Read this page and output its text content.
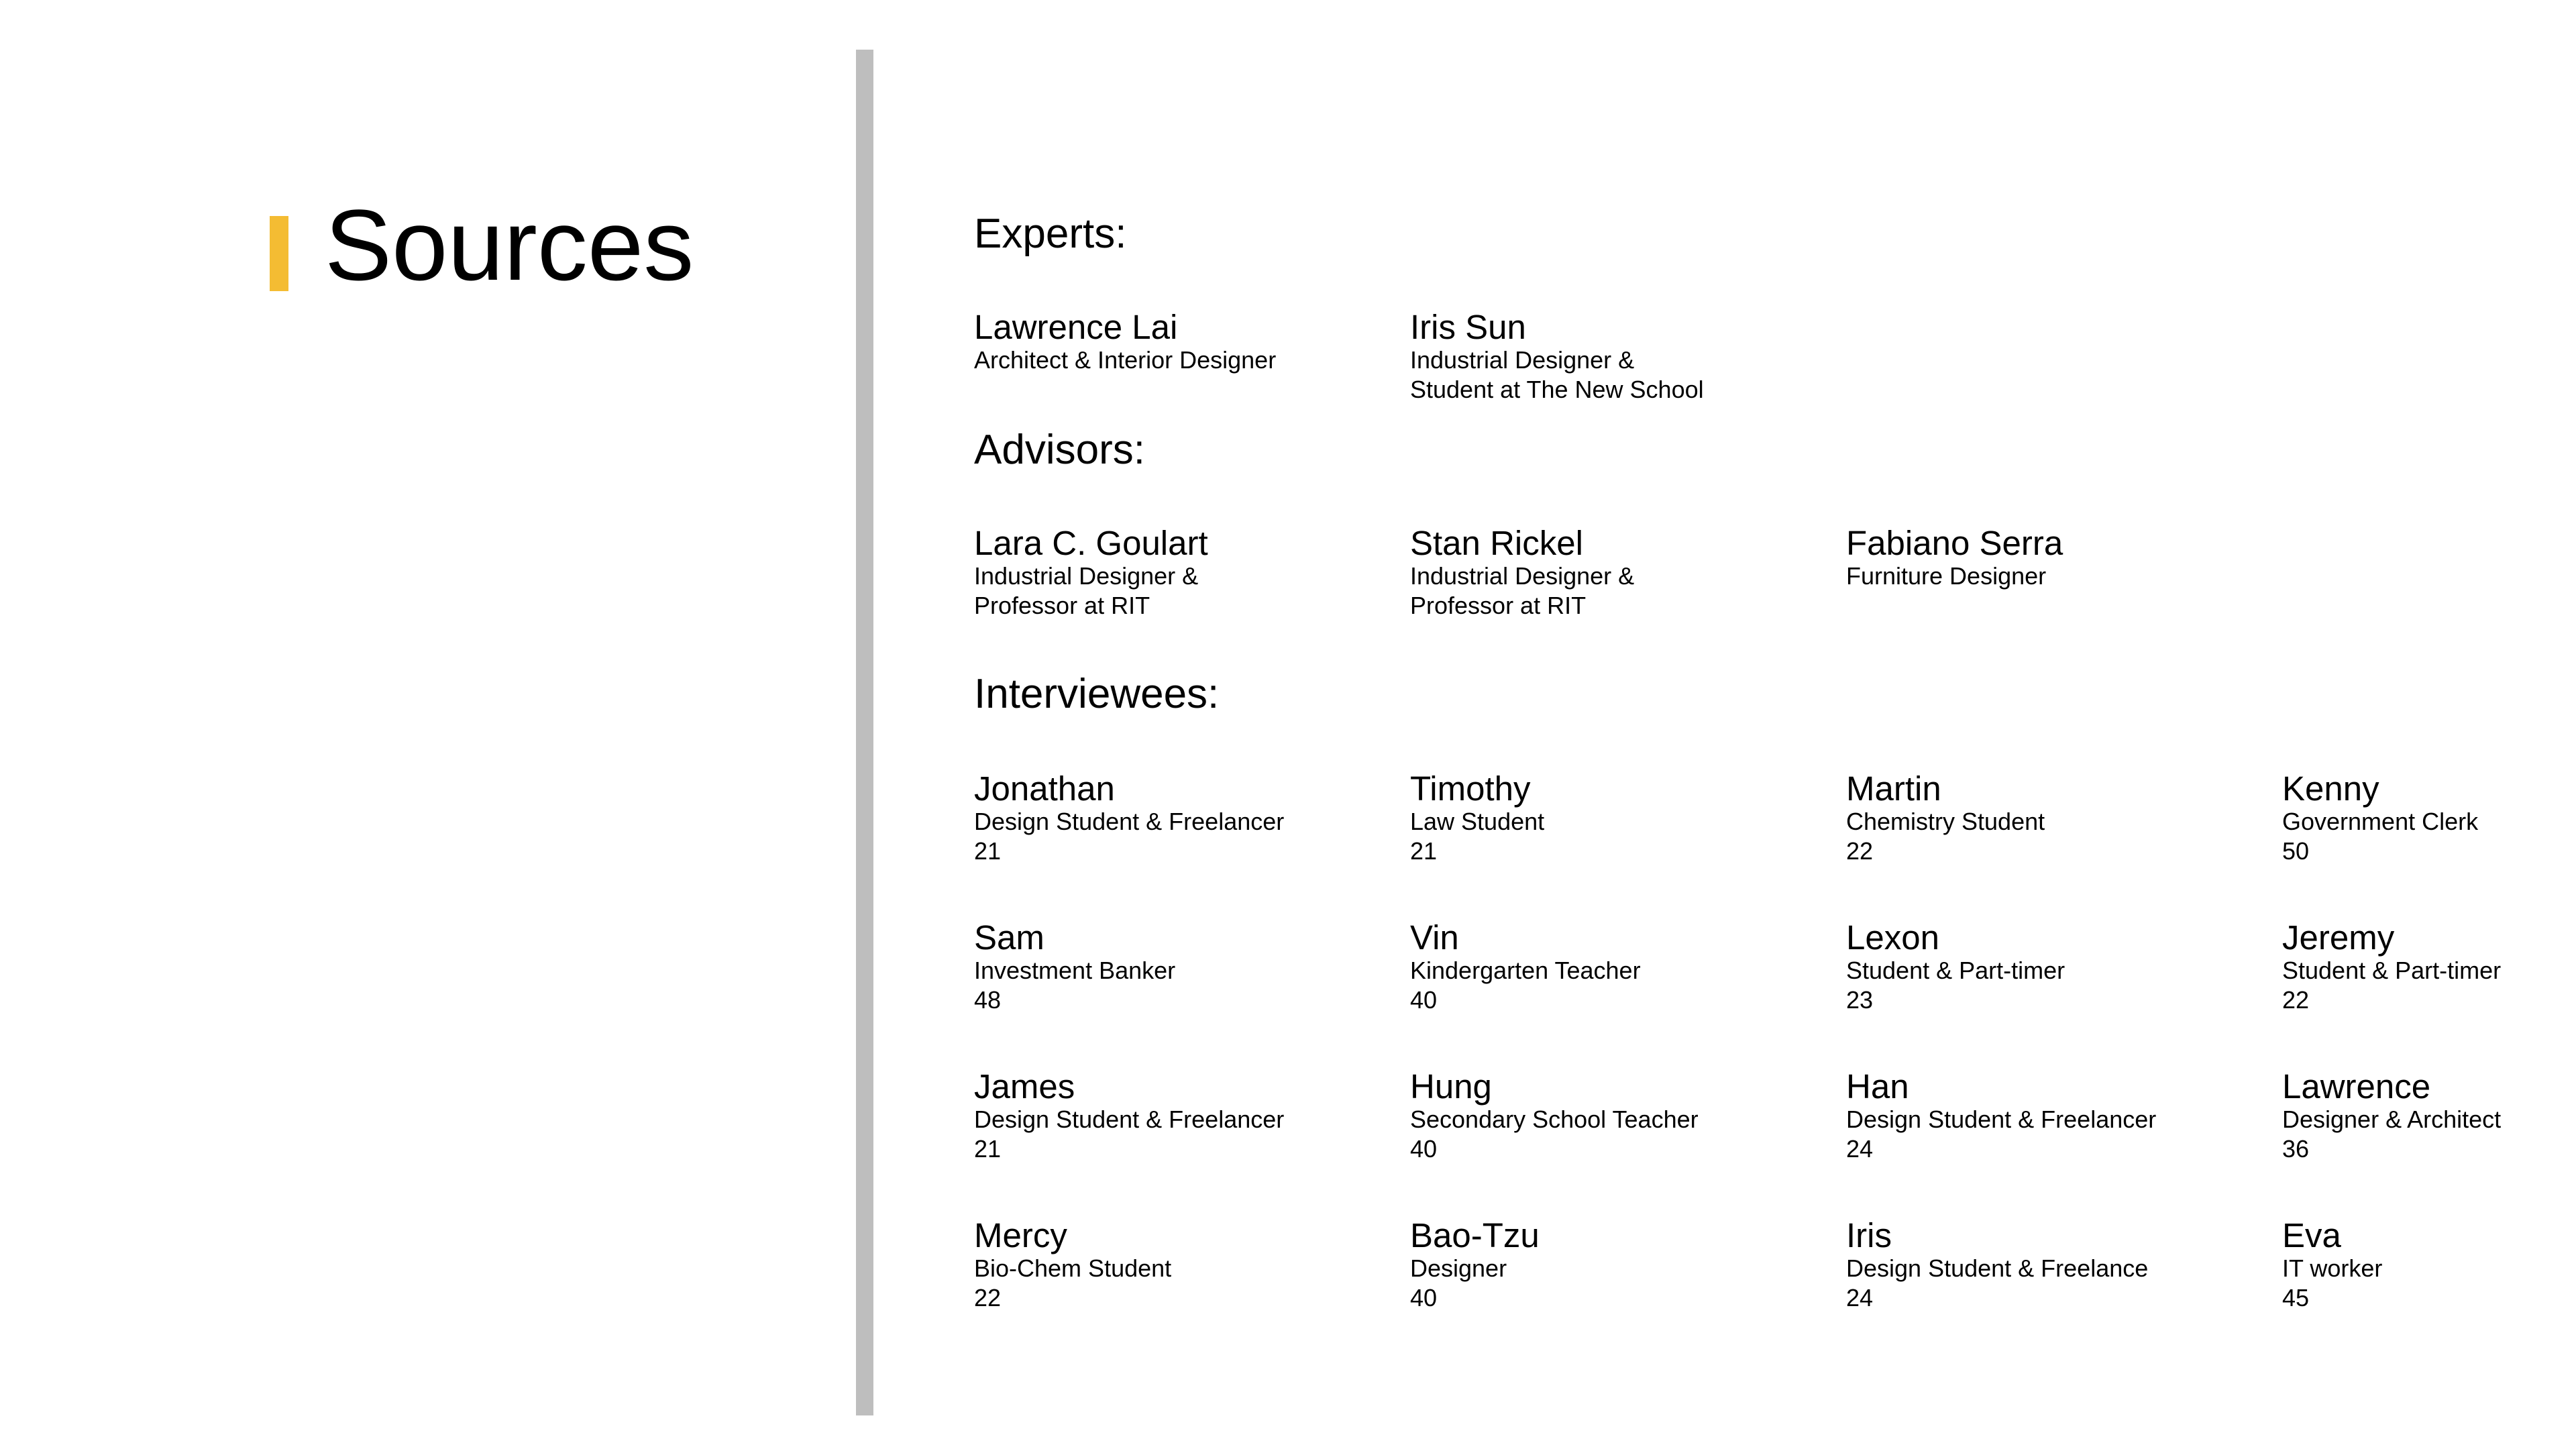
Sources	Experts:
Lawrence Lai
Architect & Interior Designer
Iris Sun
Industrial Designer &
Student at The New School
Advisors:
Lara C. Goulart
Industrial Designer &
Professor at RIT
Stan Rickel
Industrial Designer &
Professor at RIT
Fabiano Serra
Furniture Designer
Interviewees:
Jonathan
Design Student & Freelancer
21
Timothy
Law Student
21
Martin
Chemistry Student
22
Kenny
Government Clerk
50
Sam
Investment Banker
48
Vin
Kindergarten Teacher
40
Lexon
Student & Part-timer
23
Jeremy
Student & Part-timer
22
James
Design Student & Freelancer
21
Hung
Secondary School Teacher
40
Han
Design Student & Freelancer
24
Lawrence
Designer & Architect
36
Mercy
Bio-Chem Student
22
Bao-Tzu
Designer
40
Iris
Design Student & Freelance
24
Eva
IT worker
45
